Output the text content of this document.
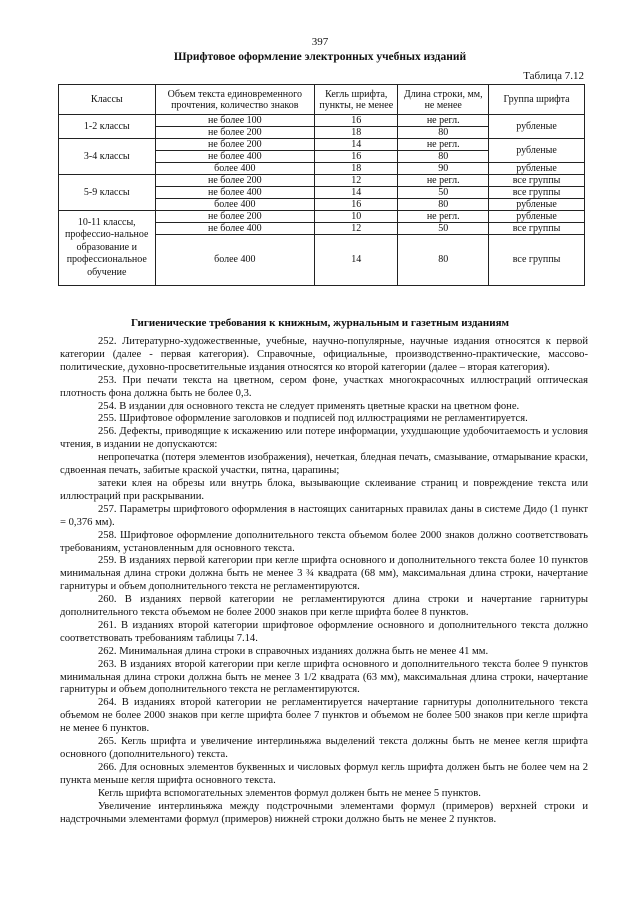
397
Шрифтовое оформление электронных учебных изданий
Таблица 7.12
Классы	Объем текста единовременного прочтения, количество знаков	Кегль шрифта, пункты, не менее	Длина строки, мм, не менее	Группа шрифта
1-2 классы	не более 100	16	не регл.	рубленые
	не более 200	18	80	
3-4 классы	не более 200	14	не регл.	рубленые
	не более 400	16	80	
	более 400	18	90	рубленые
5-9 классы	не более 200	12	не регл.	все группы
	не более 400	14	50	все группы
	более 400	16	80	рубленые
10-11 классы, профессио-нальное образование и профессиональное обучение	не более 200	10	не регл.	рубленые
	не более 400	12	50	все группы
	более 400	14	80	все группы
Гигиенические требования к книжным, журнальным и газетным изданиям

252. Литературно-художественные, учебные, научно-популярные, научные издания относятся к первой категории (далее - первая категория). Справочные, официальные, производственно-практические, массово-политические, духовно-просветительные издания относятся ко второй категории (далее – вторая категория).

253. При печати текста на цветном, сером фоне, участках многокрасочных иллюстраций оптическая плотность фона должна быть не более 0,3.

254. В издании для основного текста не следует применять цветные краски на цветном фоне.

255. Шрифтовое оформление заголовков и подписей под иллюстрациями не регламентируется.

256. Дефекты, приводящие к искажению или потере информации, ухудшающие удобочитаемость и условия чтения, в издании не допускаются:

непропечатка (потеря элементов изображения), нечеткая, бледная печать, смазывание, отмарывание краски, сдвоенная печать, забитые краской участки, пятна, царапины;

затеки клея на обрезы или внутрь блока, вызывающие склеивание страниц и повреждение текста или иллюстраций при раскрывании.

257. Параметры шрифтового оформления в настоящих санитарных правилах даны в системе Дидо (1 пункт = 0,376 мм).

258. Шрифтовое оформление дополнительного текста объемом более 2000 знаков должно соответствовать требованиям, установленным для основного текста.

259. В изданиях первой категории при кегле шрифта основного и дополнительного текста более 10 пунктов минимальная длина строки должна быть не менее 3 ¾ квадрата (68 мм), максимальная длина строки, начертание гарнитуры и объем дополнительного текста не регламентируются.

260. В изданиях первой категории не регламентируются длина строки и начертание гарнитуры дополнительного текста объемом не более 2000 знаков при кегле шрифта более 8 пунктов.

261. В изданиях второй категории шрифтовое оформление основного и дополнительного текста должно соответствовать требованиям таблицы 7.14.

262. Минимальная длина строки в справочных изданиях должна быть не менее 41 мм.

263. В изданиях второй категории при кегле шрифта основного и дополнительного текста более 9 пунктов минимальная длина строки должна быть не менее 3 1/2 квадрата (63 мм), максимальная длина строки, начертание гарнитуры и объем дополнительного текста не регламентируются.

264. В изданиях второй категории не регламентируется начертание гарнитуры дополнительного текста объемом не более 2000 знаков при кегле шрифта более 7 пунктов и объемом не более 500 знаков при кегле шрифта не менее 6 пунктов.

265. Кегль шрифта и увеличение интерлиньяжа выделений текста должны быть не менее кегля шрифта основного (дополнительного) текста.

266. Для основных элементов буквенных и числовых формул кегль шрифта должен быть не более чем на 2 пункта меньше кегля шрифта основного текста.

Кегль шрифта вспомогательных элементов формул должен быть не менее 5 пунктов.

Увеличение интерлиньяжа между подстрочными элементами формул (примеров) верхней строки и надстрочными элементами формул (примеров) нижней строки должно быть не менее 2 пунктов.
